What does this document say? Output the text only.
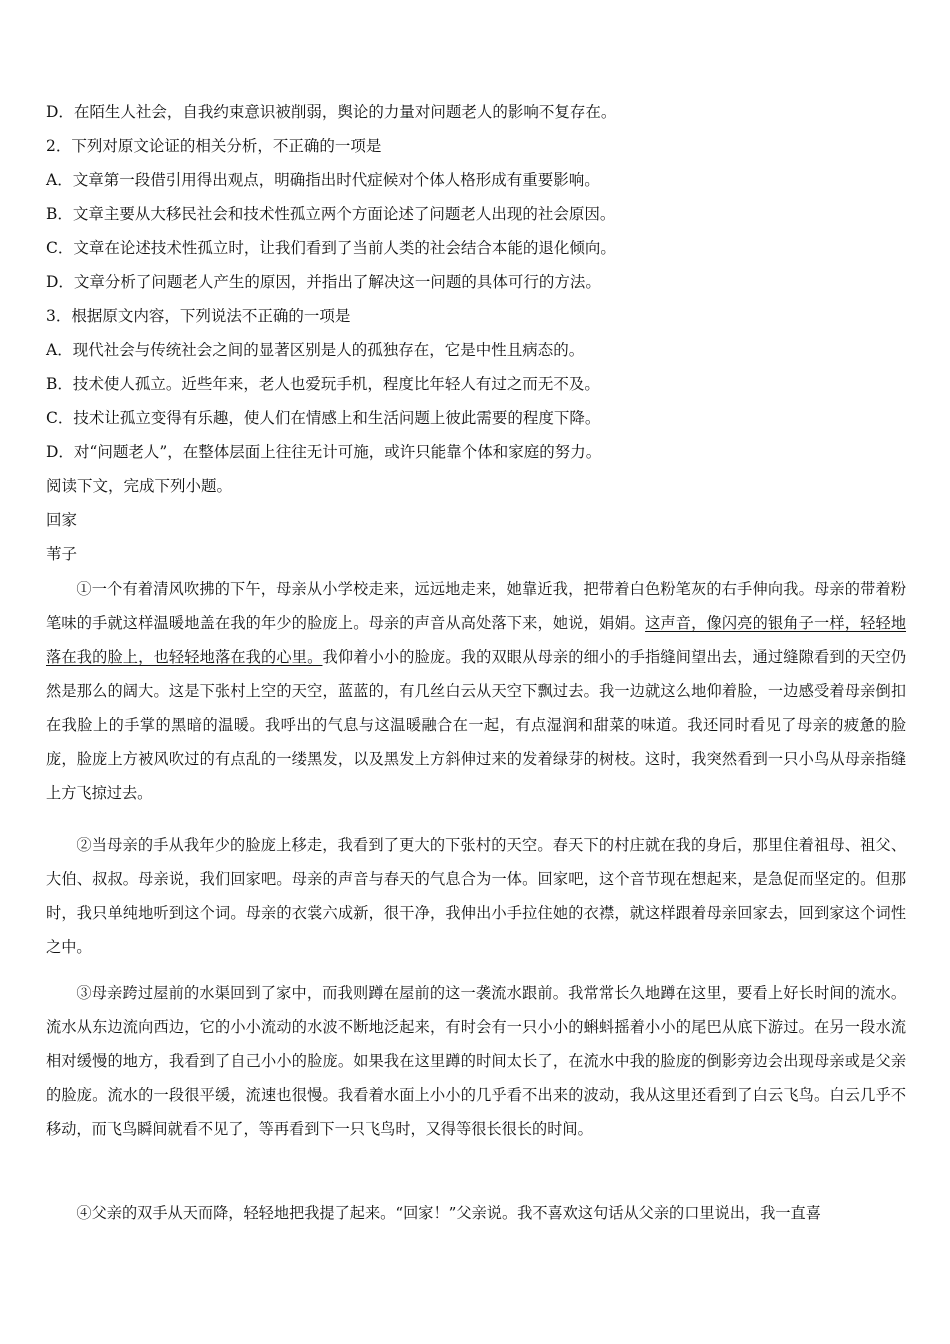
D．在陌生人社会，自我约束意识被削弱，舆论的力量对问题老人的影响不复存在。
2．下列对原文论证的相关分析，不正确的一项是
A．文章第一段借引用得出观点，明确指出时代症候对个体人格形成有重要影响。
B．文章主要从大移民社会和技术性孤立两个方面论述了问题老人出现的社会原因。
C．文章在论述技术性孤立时，让我们看到了当前人类的社会结合本能的退化倾向。
D．文章分析了问题老人产生的原因，并指出了解决这一问题的具体可行的方法。
3．根据原文内容，下列说法不正确的一项是
A．现代社会与传统社会之间的显著区别是人的孤独存在，它是中性且病态的。
B．技术使人孤立。近些年来，老人也爱玩手机，程度比年轻人有过之而无不及。
C．技术让孤立变得有乐趣，使人们在情感上和生活问题上彼此需要的程度下降。
D．对“问题老人”，在整体层面上往往无计可施，或许只能靠个体和家庭的努力。
阅读下文，完成下列小题。
回家
苇子
①一个有着清风吹拂的下午，母亲从小学校走来，远远地走来，她靠近我，把带着白色粉笔灰的右手伸向我。母亲的带着粉笔味的手就这样温暖地盖在我的年少的脸庞上。母亲的声音从高处落下来，她说，娟娟。这声音，像闪亮的银角子一样，轻轻地落在我的脸上，也轻轻地落在我的心里。我仰着小小的脸庞。我的双眼从母亲的细小的手指缝间望出去，通过缝隙看到的天空仍然是那么的阔大。这是下张村上空的天空，蓝蓝的，有几丝白云从天空下飘过去。我一边就这么地仰着脸，一边感受着母亲倒扣在我脸上的手掌的黑暗的温暖。我呼出的气息与这温暖融合在一起，有点湿润和甜菜的味道。我还同时看见了母亲的疲惫的脸庞，脸庞上方被风吹过的有点乱的一缕黑发，以及黑发上方斜伸过来的发着绿芽的树枝。这时，我突然看到一只小鸟从母亲指缝上方飞掠过去。
②当母亲的手从我年少的脸庞上移走，我看到了更大的下张村的天空。春天下的村庄就在我的身后，那里住着祖母、祖父、大伯、叔叔。母亲说，我们回家吧。母亲的声音与春天的气息合为一体。回家吧，这个音节现在想起来，是急促而坚定的。但那时，我只单纯地听到这个词。母亲的衣裳六成新，很干净，我伸出小手拉住她的衣襟，就这样跟着母亲回家去，回到家这个词性之中。
③母亲跨过屋前的水渠回到了家中，而我则蹲在屋前的这一袭流水跟前。我常常长久地蹲在这里，要看上好长时间的流水。流水从东边流向西边，它的小小流动的水波不断地泛起来，有时会有一只小小的蝌蚪摇着小小的尾巴从底下游过。在另一段水流相对缓慢的地方，我看到了自己小小的脸庞。如果我在这里蹲的时间太长了，在流水中我的脸庞的倒影旁边会出现母亲或是父亲的脸庞。流水的一段很平缓，流速也很慢。我看着水面上小小的几乎看不出来的波动，我从这里还看到了白云飞鸟。白云几乎不移动，而飞鸟瞬间就看不见了，等再看到下一只飞鸟时，又得等很长很长的时间。
④父亲的双手从天而降，轻轻地把我提了起来。“回家！”父亲说。我不喜欢这句话从父亲的口里说出，我一直喜
